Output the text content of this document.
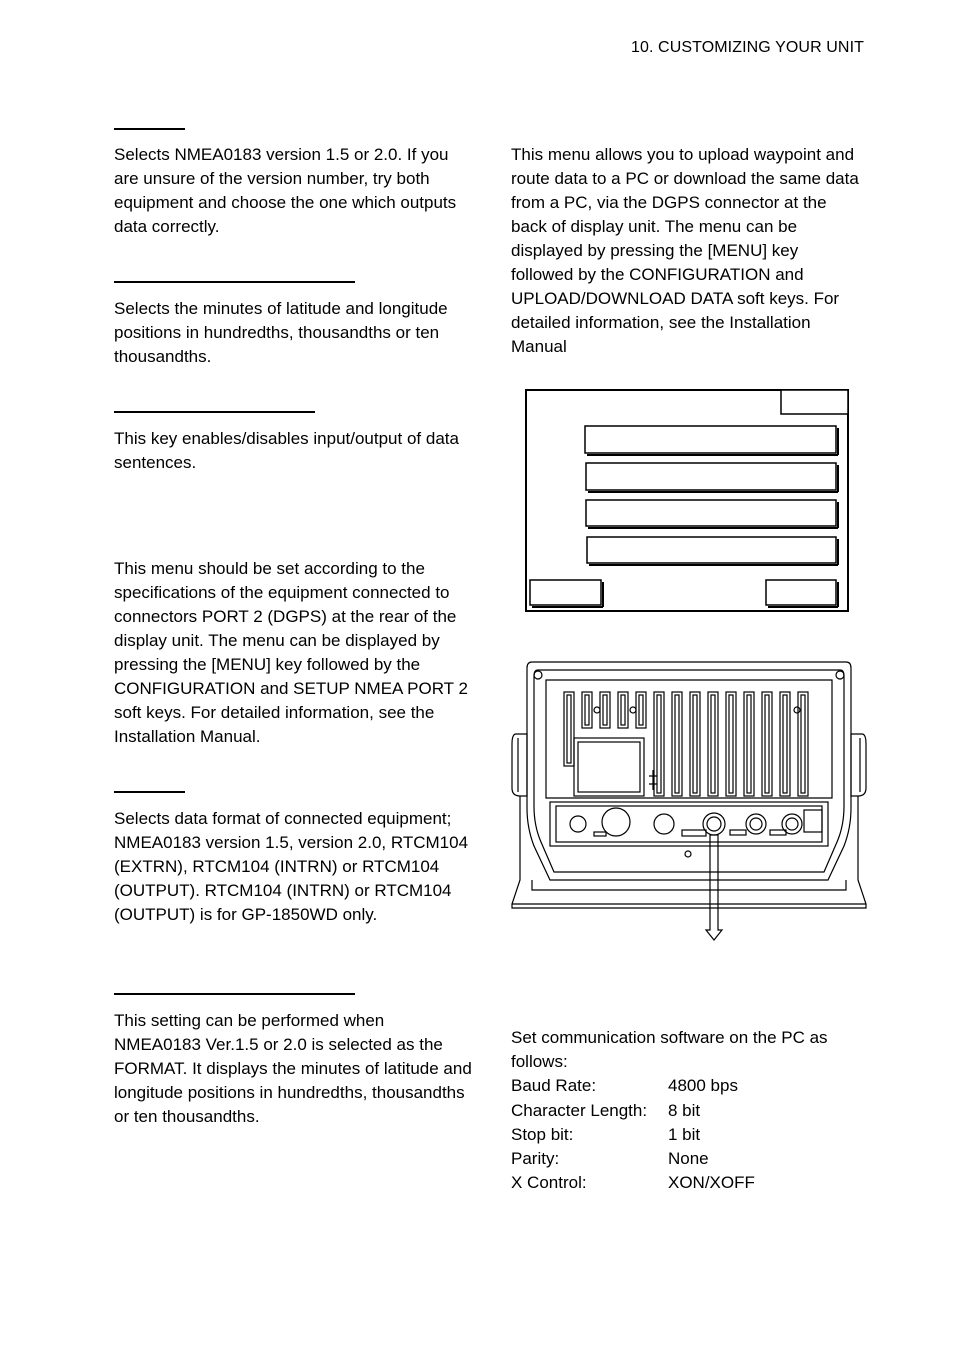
10. CUSTOMIZING YOUR UNIT

Selects NMEA0183 version 1.5 or 2.0. If you are unsure of the version number, try both equipment and choose the one which outputs data correctly.

Selects the minutes of latitude and longitude positions in hundredths, thousandths or ten thousandths.

This key enables/disables input/output of data sentences.

This menu should be set according to the specifications of the equipment connected to connectors PORT 2 (DGPS) at the rear of the display unit. The menu can be displayed by pressing the [MENU] key followed by the CONFIGURATION and SETUP NMEA PORT 2 soft keys. For detailed information, see the Installation Manual.

Selects data format of connected equipment; NMEA0183 version 1.5, version 2.0, RTCM104 (EXTRN), RTCM104 (INTRN) or RTCM104 (OUTPUT). RTCM104 (INTRN) or RTCM104 (OUTPUT) is for GP-1850WD only.

This setting can be performed when NMEA0183 Ver.1.5 or 2.0 is selected as the FORMAT. It displays the minutes of latitude and longitude positions in hundredths, thousandths or ten thousandths.

This menu allows you to upload waypoint and route data to a PC or download the same data from a PC, via the DGPS connector at the back of display unit. The menu can be displayed by pressing the [MENU] key followed by the CONFIGURATION and UPLOAD/DOWNLOAD DATA soft keys. For detailed information, see the Installation Manual

Set communication software on the PC as follows:

Baud Rate:	4800 bps
Character Length: 8 bit
Stop bit:	1 bit
Parity:	None
X Control:	XON/XOFF
